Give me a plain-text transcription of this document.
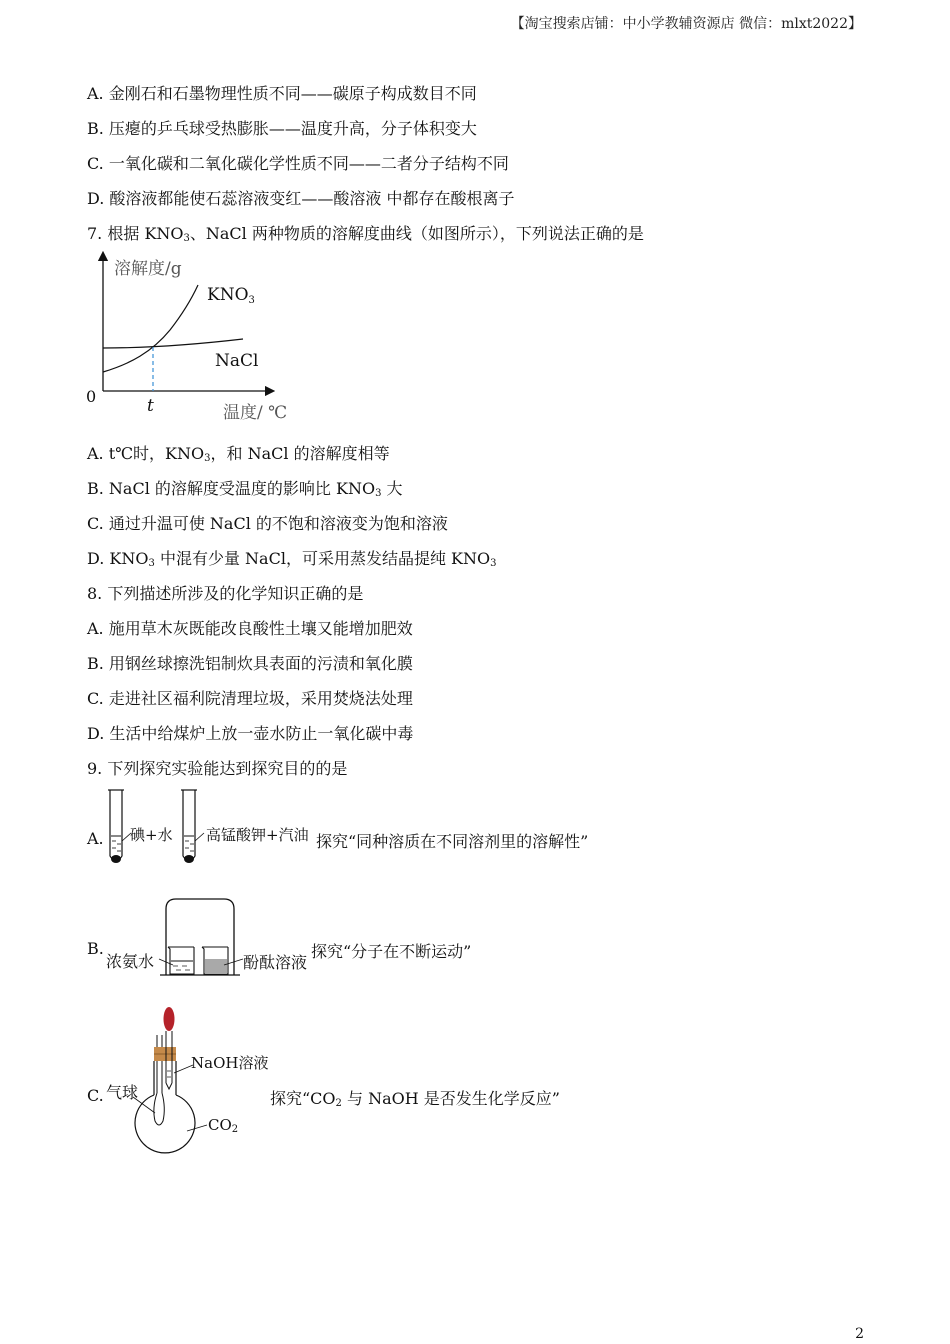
【淘宝搜索店铺：中小学教辅资源店 微信：mlxt2022】
A. 金刚石和石墨物理性质不同——碳原子构成数目不同
B. 压瘪的乒乓球受热膨胀——温度升高，分子体积变大
C. 一氧化碳和二氧化碳化学性质不同——二者分子结构不同
D. 酸溶液都能使石蕊溶液变红——酸溶液 中都存在酸根离子
7. 根据 $KNO_3$、NaCl 两种物质的溶解度曲线（如图所示），下列说法正确的是
溶解度/g
KNO3
NaCl
0	t	温度/ ℃
A. t℃时，$KNO_3$，和 NaCl 的溶解度相等
B. NaCl 的溶解度受温度的影响比 $KNO_3$ 大
C. 通过升温可使 NaCl 的不饱和溶液变为饱和溶液
D. $KNO_3$ 中混有少量 NaCl，可采用蒸发结晶提纯 $KNO_3$
8. 下列描述所涉及的化学知识正确的是
A. 施用草木灰既能改良酸性土壤又能增加肥效
B. 用钢丝球擦洗铝制炊具表面的污渍和氧化膜
C. 走进社区福利院清理垃圾，采用焚烧法处理
D. 生活中给煤炉上放一壶水防止一氧化碳中毒
9. 下列探究实验能达到探究目的的是
A. 碘+水 高锰酸钾+汽油 探究“同种溶质在不同溶剂里的溶解性”
B.
浓氨水	酚酞溶液
探究“分子在不断运动”
C.
NaOH溶液
气球
$CO_2$
探究“$CO_2$ 与 NaOH 是否发生化学反应”
2
